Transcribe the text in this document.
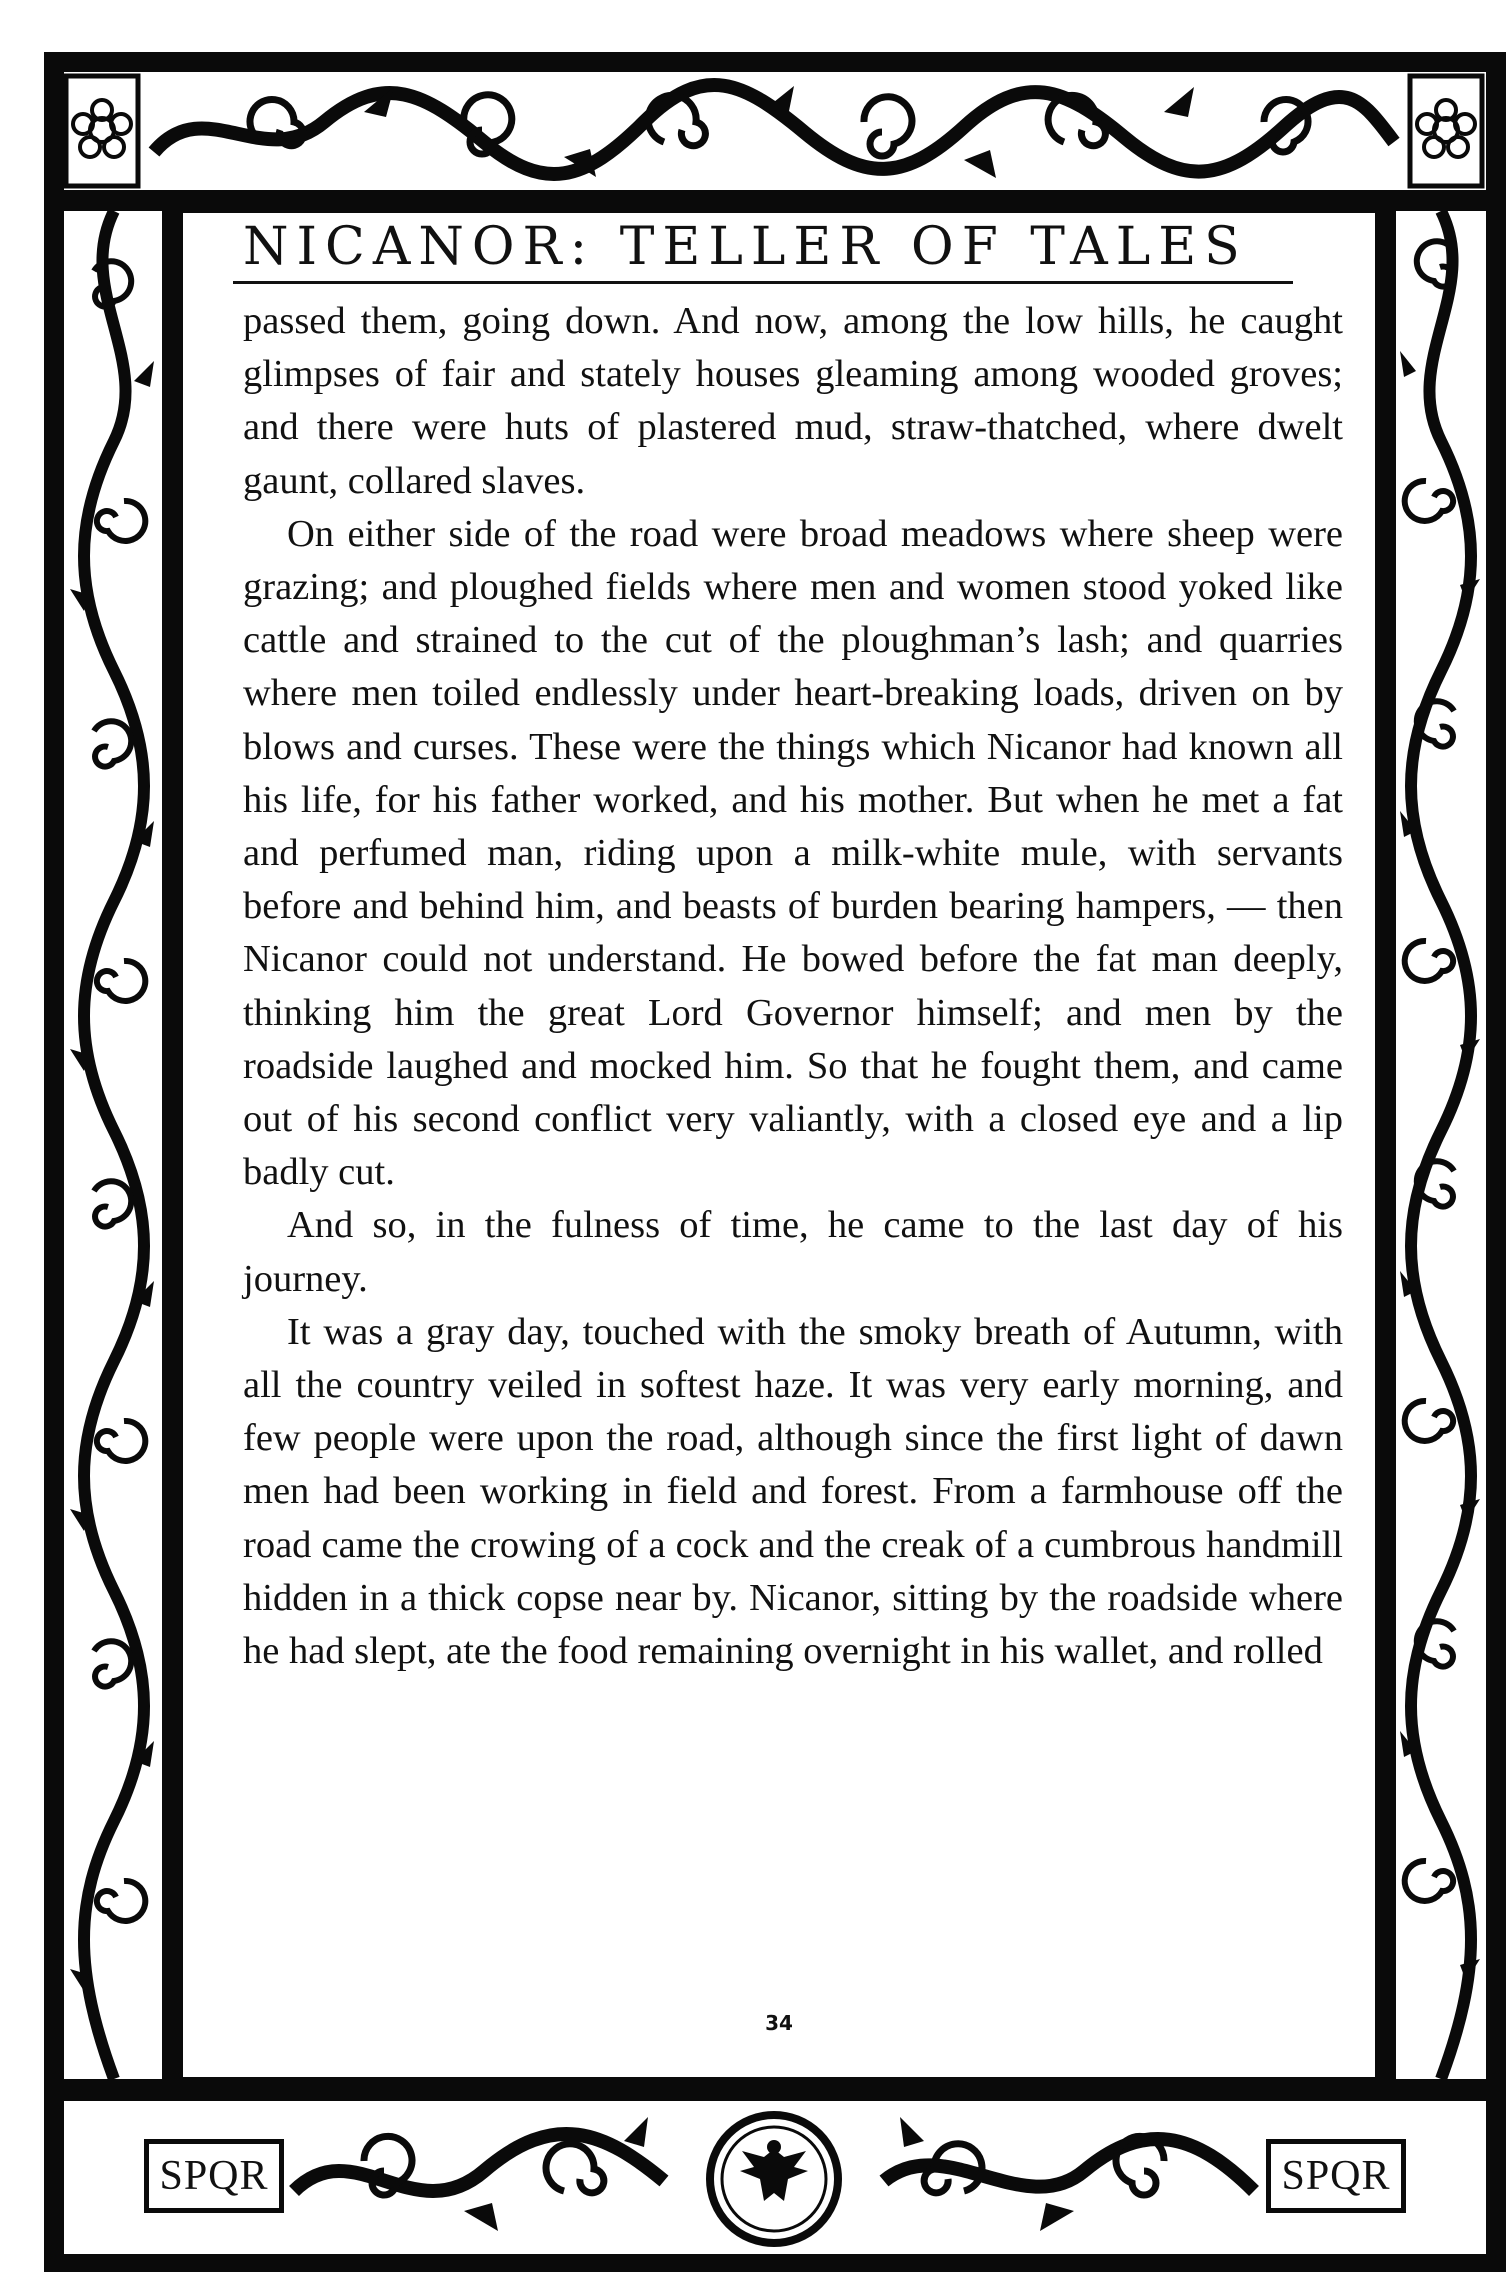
SPQR	SPQR
NICANOR: TELLER OF TALES

passed them, going down. And now, among the low hills, he caught glimpses of fair and stately houses gleaming among wooded groves; and there were huts of plastered mud, straw-thatched, where dwelt gaunt, collared slaves.

On either side of the road were broad meadows where sheep were grazing; and ploughed fields where men and women stood yoked like cattle and strained to the cut of the ploughman’s lash; and quarries where men toiled endlessly under heart-breaking loads, driven on by blows and curses. These were the things which Nicanor had known all his life, for his father worked, and his mother. But when he met a fat and perfumed man, riding upon a milk-white mule, with servants before and behind him, and beasts of burden bearing hampers, — then Nicanor could not understand. He bowed before the fat man deeply, thinking him the great Lord Governor himself; and men by the roadside laughed and mocked him. So that he fought them, and came out of his second conflict very valiantly, with a closed eye and a lip badly cut.

And so, in the fulness of time, he came to the last day of his journey.

It was a gray day, touched with the smoky breath of Autumn, with all the country veiled in softest haze. It was very early morning, and few people were upon the road, although since the first light of dawn men had been working in field and forest. From a farmhouse off the road came the crowing of a cock and the creak of a cumbrous handmill hidden in a thick copse near by. Nicanor, sitting by the roadside where he had slept, ate the food remaining overnight in his wallet, and rolled

34
